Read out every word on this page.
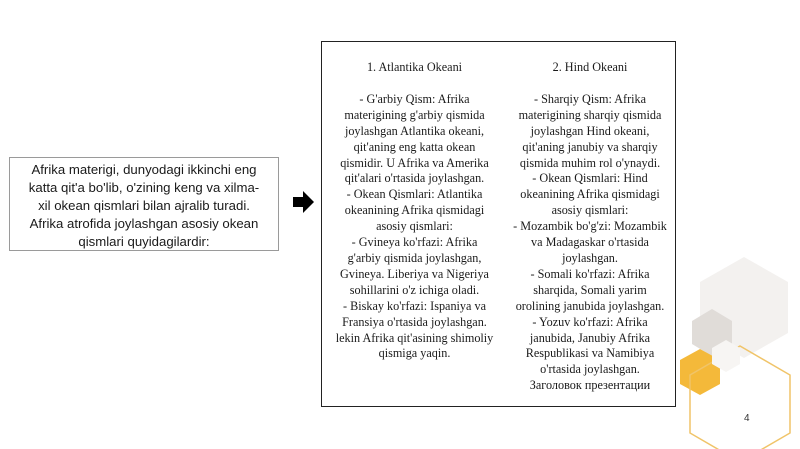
Afrika materigi, dunyodagi ikkinchi eng
katta qit'a bo'lib, o'zining keng va xilma-
xil okean qismlari bilan ajralib turadi.
Afrika atrofida joylashgan asosiy okean
qismlari quyidagilardir:
1. Atlantika Okeani
- G'arbiy Qism: Afrika
materigining g'arbiy qismida
joylashgan Atlantika okeani,
qit'aning eng katta okean
qismidir. U Afrika va Amerika
qit'alari o'rtasida joylashgan.
- Okean Qismlari: Atlantika
okeanining Afrika qismidagi
asosiy qismlari:
- Gvineya ko'rfazi: Afrika
g'arbiy qismida joylashgan,
Gvineya. Liberiya va Nigeriya
sohillarini o'z ichiga oladi.
- Biskay ko'rfazi: Ispaniya va
Fransiya o'rtasida joylashgan.
lekin Afrika qit'asining shimoliy
qismiga yaqin.
2. Hind Okeani
- Sharqiy Qism: Afrika
materigining sharqiy qismida
joylashgan Hind okeani,
qit'aning janubiy va sharqiy
qismida muhim rol o'ynaydi.
- Okean Qismlari: Hind
okeanining Afrika qismidagi
asosiy qismlari:
- Mozambik bo'g'zi: Mozambik
va Madagaskar o'rtasida
joylashgan.
- Somali ko'rfazi: Afrika
sharqida, Somali yarim
orolining janubida joylashgan.
- Yozuv ko'rfazi: Afrika
janubida, Janubiy Afrika
Respublikasi va Namibiya
o'rtasida joylashgan.
Заголовок презентации
4
